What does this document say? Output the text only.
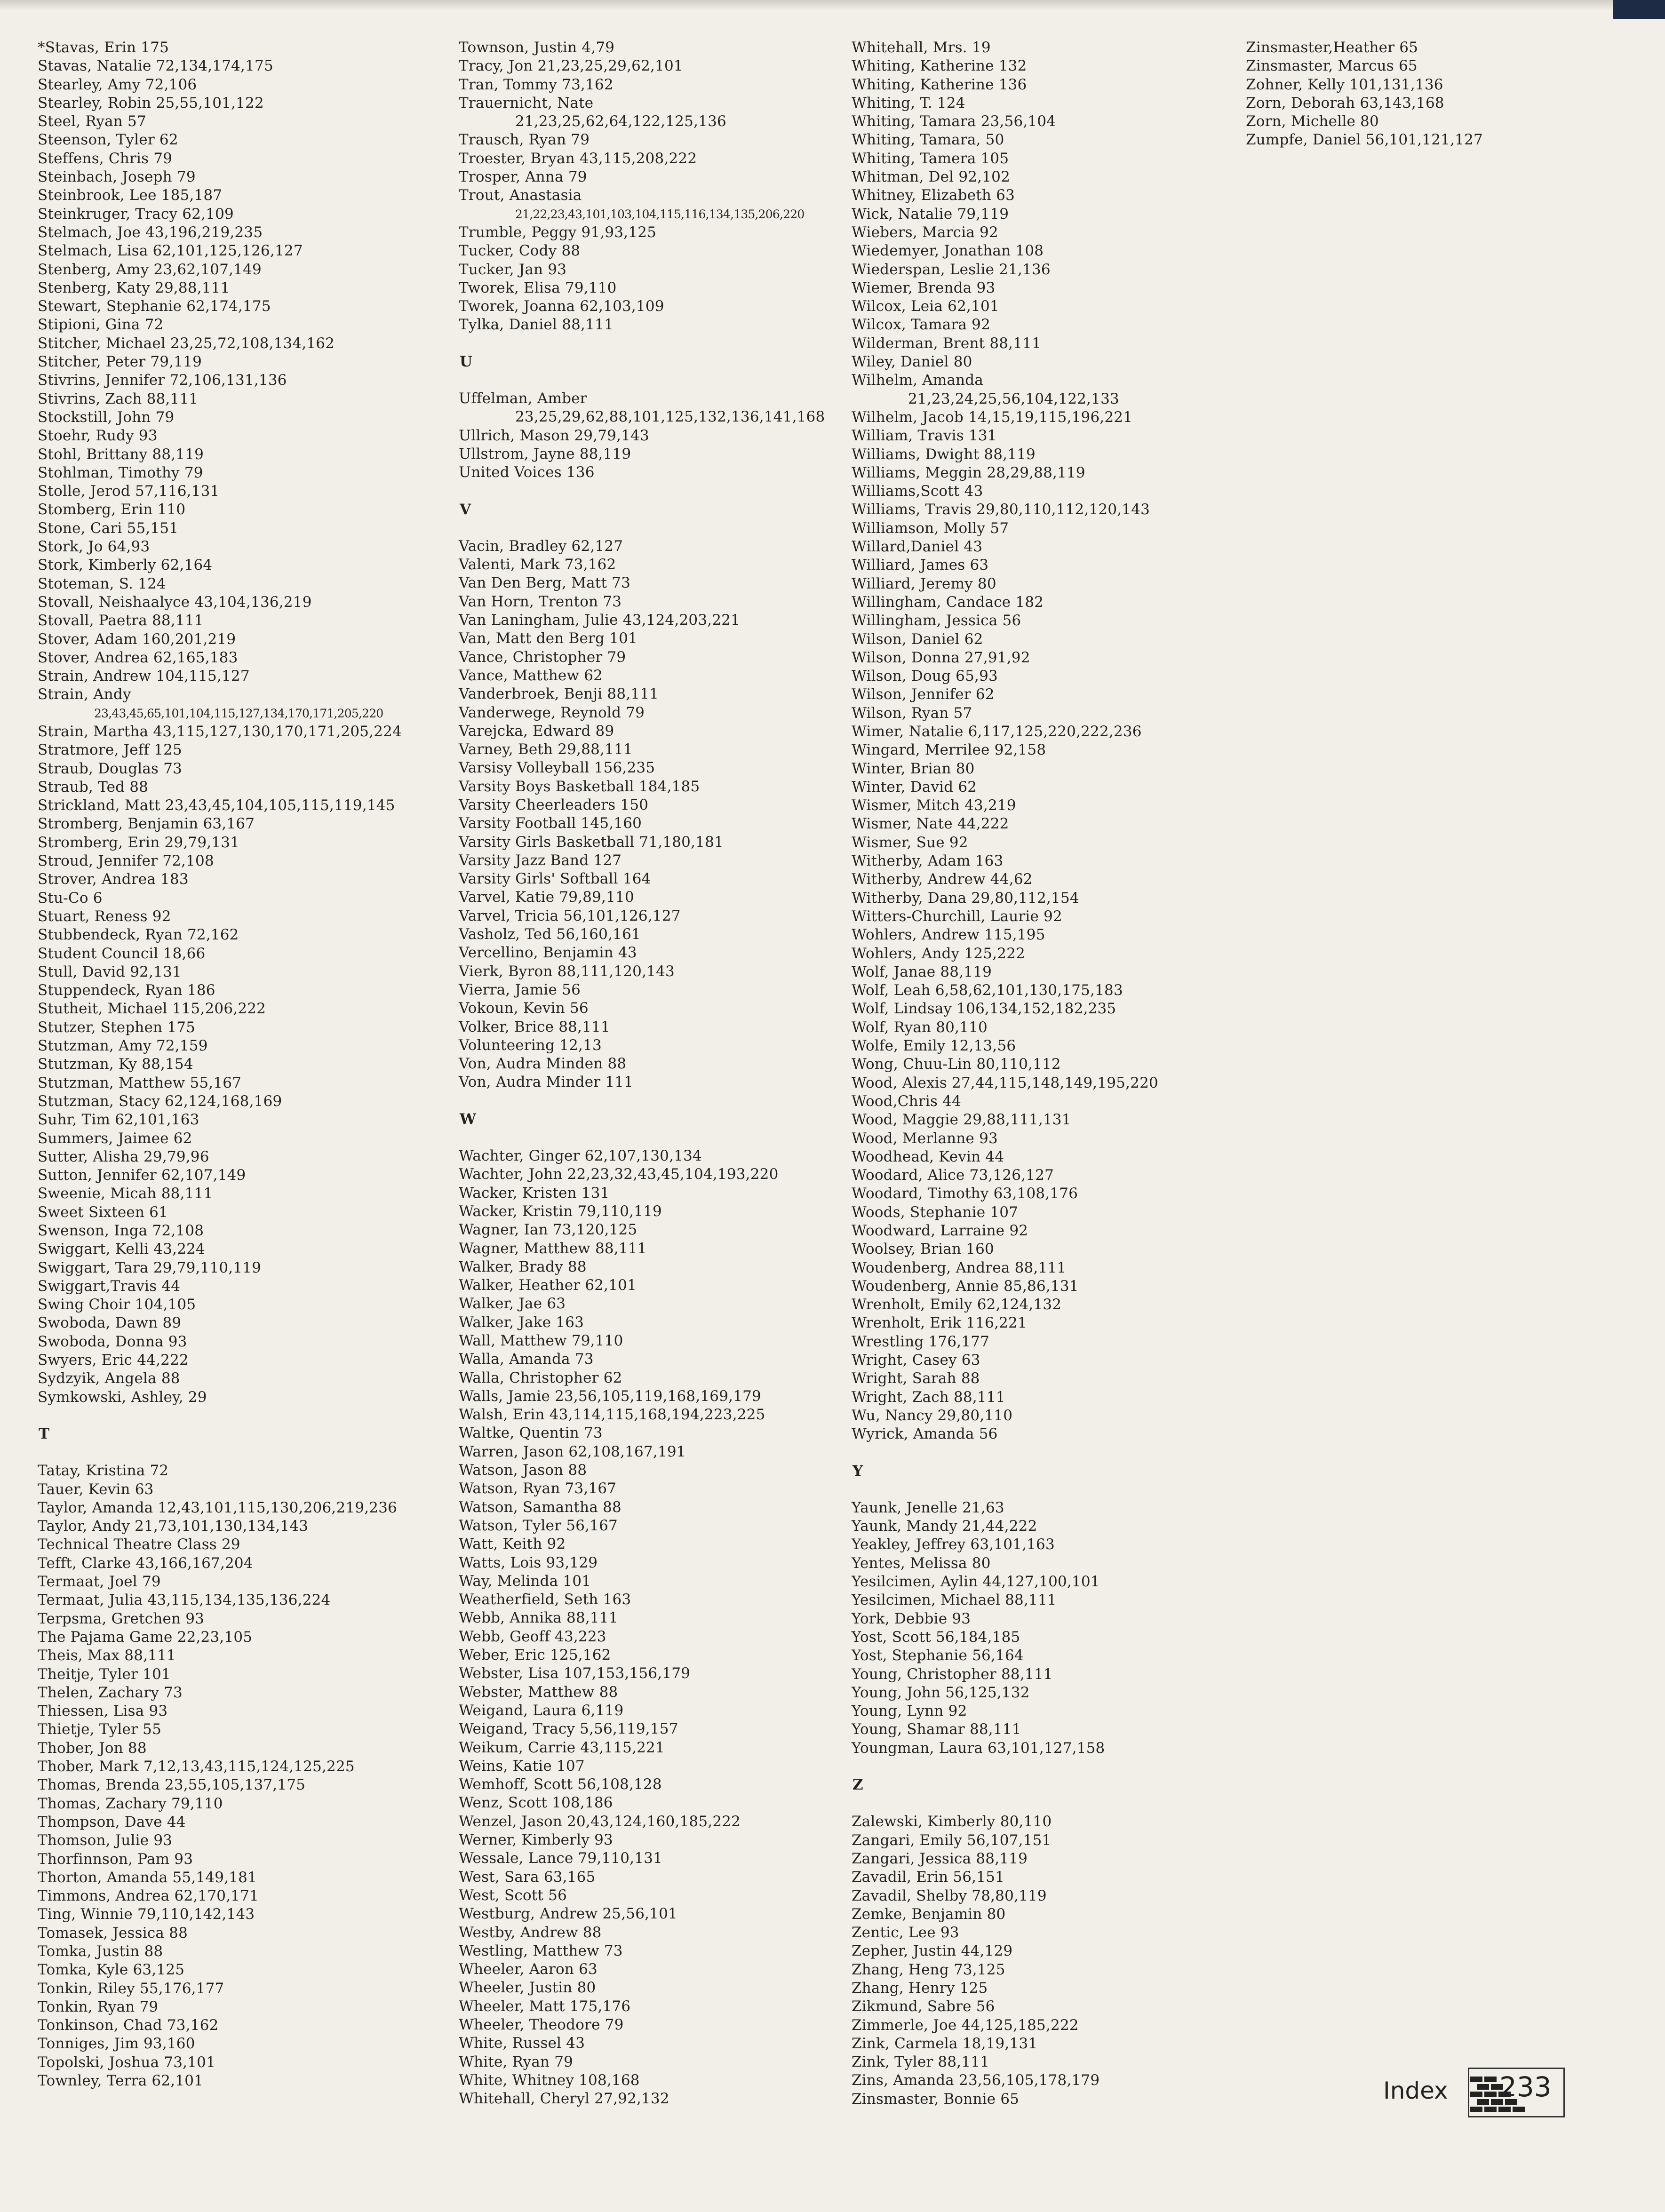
*Stavas, Erin 175
Stavas, Natalie 72,134,174,175
Stearley, Amy 72,106
Stearley, Robin 25,55,101,122
Steel, Ryan 57
Steenson, Tyler 62
Steffens, Chris 79
Steinbach, Joseph 79
Steinbrook, Lee 185,187
Steinkruger, Tracy 62,109
Stelmach, Joe 43,196,219,235
Stelmach, Lisa 62,101,125,126,127
Stenberg, Amy 23,62,107,149
Stenberg, Katy 29,88,111
Stewart, Stephanie 62,174,175
Stipioni, Gina 72
Stitcher, Michael 23,25,72,108,134,162
Stitcher, Peter 79,119
Stivrins, Jennifer 72,106,131,136
Stivrins, Zach 88,111
Stockstill, John 79
Stoehr, Rudy 93
Stohl, Brittany 88,119
Stohlman, Timothy 79
Stolle, Jerod 57,116,131
Stomberg, Erin 110
Stone, Cari 55,151
Stork, Jo 64,93
Stork, Kimberly 62,164
Stoteman, S. 124
Stovall, Neishaalyce 43,104,136,219
Stovall, Paetra 88,111
Stover, Adam 160,201,219
Stover, Andrea 62,165,183
Strain, Andrew 104,115,127
Strain, Andy
23,43,45,65,101,104,115,127,134,170,171,205,220
Strain, Martha 43,115,127,130,170,171,205,224
Stratmore, Jeff 125
Straub, Douglas 73
Straub, Ted 88
Strickland, Matt 23,43,45,104,105,115,119,145
Stromberg, Benjamin 63,167
Stromberg, Erin 29,79,131
Stroud, Jennifer 72,108
Strover, Andrea 183
Stu-Co 6
Stuart, Reness 92
Stubbendeck, Ryan 72,162
Student Council 18,66
Stull, David 92,131
Stuppendeck, Ryan 186
Stutheit, Michael 115,206,222
Stutzer, Stephen 175
Stutzman, Amy 72,159
Stutzman, Ky 88,154
Stutzman, Matthew 55,167
Stutzman, Stacy 62,124,168,169
Suhr, Tim 62,101,163
Summers, Jaimee 62
Sutter, Alisha 29,79,96
Sutton, Jennifer 62,107,149
Sweenie, Micah 88,111
Sweet Sixteen 61
Swenson, Inga 72,108
Swiggart, Kelli 43,224
Swiggart, Tara 29,79,110,119
Swiggart,Travis 44
Swing Choir 104,105
Swoboda, Dawn 89
Swoboda, Donna 93
Swyers, Eric 44,222
Sydzyik, Angela 88
Symkowski, Ashley, 29
T
Tatay, Kristina 72
Tauer, Kevin 63
Taylor, Amanda 12,43,101,115,130,206,219,236
Taylor, Andy 21,73,101,130,134,143
Technical Theatre Class 29
Tefft, Clarke 43,166,167,204
Termaat, Joel 79
Termaat, Julia 43,115,134,135,136,224
Terpsma, Gretchen 93
The Pajama Game 22,23,105
Theis, Max 88,111
Theitje, Tyler 101
Thelen, Zachary 73
Thiessen, Lisa 93
Thietje, Tyler 55
Thober, Jon 88
Thober, Mark 7,12,13,43,115,124,125,225
Thomas, Brenda 23,55,105,137,175
Thomas, Zachary 79,110
Thompson, Dave 44
Thomson, Julie 93
Thorfinnson, Pam 93
Thorton, Amanda 55,149,181
Timmons, Andrea 62,170,171
Ting, Winnie 79,110,142,143
Tomasek, Jessica 88
Tomka, Justin 88
Tomka, Kyle 63,125
Tonkin, Riley 55,176,177
Tonkin, Ryan 79
Tonkinson, Chad 73,162
Tonniges, Jim 93,160
Topolski, Joshua 73,101
Townley, Terra 62,101
Townson, Justin 4,79
Tracy, Jon 21,23,25,29,62,101
Tran, Tommy 73,162
Trauernicht, Nate
21,23,25,62,64,122,125,136
Trausch, Ryan 79
Troester, Bryan 43,115,208,222
Trosper, Anna 79
Trout, Anastasia
21,22,23,43,101,103,104,115,116,134,135,206,220
Trumble, Peggy 91,93,125
Tucker, Cody 88
Tucker, Jan 93
Tworek, Elisa 79,110
Tworek, Joanna 62,103,109
Tylka, Daniel 88,111
U
Uffelman, Amber
23,25,29,62,88,101,125,132,136,141,168
Ullrich, Mason 29,79,143
Ullstrom, Jayne 88,119
United Voices 136
V
Vacin, Bradley 62,127
Valenti, Mark 73,162
Van Den Berg, Matt 73
Van Horn, Trenton 73
Van Laningham, Julie 43,124,203,221
Van, Matt den Berg 101
Vance, Christopher 79
Vance, Matthew 62
Vanderbroek, Benji 88,111
Vanderwege, Reynold 79
Varejcka, Edward 89
Varney, Beth 29,88,111
Varsisy Volleyball 156,235
Varsity Boys Basketball 184,185
Varsity Cheerleaders 150
Varsity Football 145,160
Varsity Girls Basketball 71,180,181
Varsity Jazz Band 127
Varsity Girls' Softball 164
Varvel, Katie 79,89,110
Varvel, Tricia 56,101,126,127
Vasholz, Ted 56,160,161
Vercellino, Benjamin 43
Vierk, Byron 88,111,120,143
Vierra, Jamie 56
Vokoun, Kevin 56
Volker, Brice 88,111
Volunteering 12,13
Von, Audra Minden 88
Von, Audra Minder 111
W
Wachter, Ginger 62,107,130,134
Wachter, John 22,23,32,43,45,104,193,220
Wacker, Kristen 131
Wacker, Kristin 79,110,119
Wagner, Ian 73,120,125
Wagner, Matthew 88,111
Walker, Brady 88
Walker, Heather 62,101
Walker, Jae 63
Walker, Jake 163
Wall, Matthew 79,110
Walla, Amanda 73
Walla, Christopher 62
Walls, Jamie 23,56,105,119,168,169,179
Walsh, Erin 43,114,115,168,194,223,225
Waltke, Quentin 73
Warren, Jason 62,108,167,191
Watson, Jason 88
Watson, Ryan 73,167
Watson, Samantha 88
Watson, Tyler 56,167
Watt, Keith 92
Watts, Lois 93,129
Way, Melinda 101
Weatherfield, Seth 163
Webb, Annika 88,111
Webb, Geoff 43,223
Weber, Eric 125,162
Webster, Lisa 107,153,156,179
Webster, Matthew 88
Weigand, Laura 6,119
Weigand, Tracy 5,56,119,157
Weikum, Carrie 43,115,221
Weins, Katie 107
Wemhoff, Scott 56,108,128
Wenz, Scott 108,186
Wenzel, Jason 20,43,124,160,185,222
Werner, Kimberly 93
Wessale, Lance 79,110,131
West, Sara 63,165
West, Scott 56
Westburg, Andrew 25,56,101
Westby, Andrew 88
Westling, Matthew 73
Wheeler, Aaron 63
Wheeler, Justin 80
Wheeler, Matt 175,176
Wheeler, Theodore 79
White, Russel 43
White, Ryan 79
White, Whitney 108,168
Whitehall, Cheryl 27,92,132
Whitehall, Mrs. 19
Whiting, Katherine 132
Whiting, Katherine 136
Whiting, T. 124
Whiting, Tamara 23,56,104
Whiting, Tamara, 50
Whiting, Tamera 105
Whitman, Del 92,102
Whitney, Elizabeth 63
Wick, Natalie 79,119
Wiebers, Marcia 92
Wiedemyer, Jonathan 108
Wiederspan, Leslie 21,136
Wiemer, Brenda 93
Wilcox, Leia 62,101
Wilcox, Tamara 92
Wilderman, Brent 88,111
Wiley, Daniel 80
Wilhelm, Amanda
21,23,24,25,56,104,122,133
Wilhelm, Jacob 14,15,19,115,196,221
William, Travis 131
Williams, Dwight 88,119
Williams, Meggin 28,29,88,119
Williams,Scott 43
Williams, Travis 29,80,110,112,120,143
Williamson, Molly 57
Willard,Daniel 43
Williard, James 63
Williard, Jeremy 80
Willingham, Candace 182
Willingham, Jessica 56
Wilson, Daniel 62
Wilson, Donna 27,91,92
Wilson, Doug 65,93
Wilson, Jennifer 62
Wilson, Ryan 57
Wimer, Natalie 6,117,125,220,222,236
Wingard, Merrilee 92,158
Winter, Brian 80
Winter, David 62
Wismer, Mitch 43,219
Wismer, Nate 44,222
Wismer, Sue 92
Witherby, Adam 163
Witherby, Andrew 44,62
Witherby, Dana 29,80,112,154
Witters-Churchill, Laurie 92
Wohlers, Andrew 115,195
Wohlers, Andy 125,222
Wolf, Janae 88,119
Wolf, Leah 6,58,62,101,130,175,183
Wolf, Lindsay 106,134,152,182,235
Wolf, Ryan 80,110
Wolfe, Emily 12,13,56
Wong, Chuu-Lin 80,110,112
Wood, Alexis 27,44,115,148,149,195,220
Wood,Chris 44
Wood, Maggie 29,88,111,131
Wood, Merlanne 93
Woodhead, Kevin 44
Woodard, Alice 73,126,127
Woodard, Timothy 63,108,176
Woods, Stephanie 107
Woodward, Larraine 92
Woolsey, Brian 160
Woudenberg, Andrea 88,111
Woudenberg, Annie 85,86,131
Wrenholt, Emily 62,124,132
Wrenholt, Erik 116,221
Wrestling 176,177
Wright, Casey 63
Wright, Sarah 88
Wright, Zach 88,111
Wu, Nancy 29,80,110
Wyrick, Amanda 56
Y
Yaunk, Jenelle 21,63
Yaunk, Mandy 21,44,222
Yeakley, Jeffrey 63,101,163
Yentes, Melissa 80
Yesilcimen, Aylin 44,127,100,101
Yesilcimen, Michael 88,111
York, Debbie 93
Yost, Scott 56,184,185
Yost, Stephanie 56,164
Young, Christopher 88,111
Young, John 56,125,132
Young, Lynn 92
Young, Shamar 88,111
Youngman, Laura 63,101,127,158
Z
Zalewski, Kimberly 80,110
Zangari, Emily 56,107,151
Zangari, Jessica 88,119
Zavadil, Erin 56,151
Zavadil, Shelby 78,80,119
Zemke, Benjamin 80
Zentic, Lee 93
Zepher, Justin 44,129
Zhang, Heng 73,125
Zhang, Henry 125
Zikmund, Sabre 56
Zimmerle, Joe 44,125,185,222
Zink, Carmela 18,19,131
Zink, Tyler 88,111
Zins, Amanda 23,56,105,178,179
Zinsmaster, Bonnie 65
Zinsmaster,Heather 65
Zinsmaster, Marcus 65
Zohner, Kelly 101,131,136
Zorn, Deborah 63,143,168
Zorn, Michelle 80
Zumpfe, Daniel 56,101,121,127
Index 233
